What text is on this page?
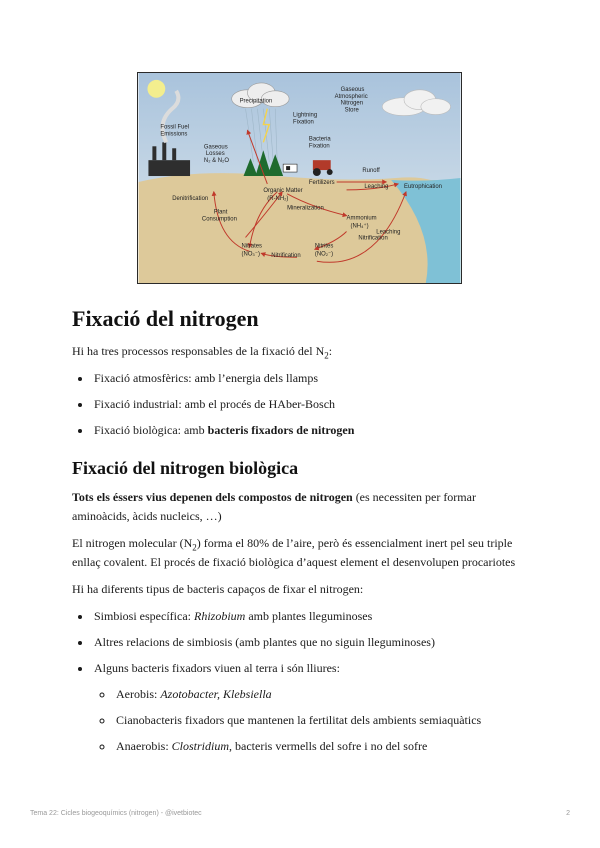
Fossil Fuel
Emissions
Precipitation
Gaseous
Atmospheric
Nitrogen
Store
Lightning
Fixation
Bacteria
Fixation
Gaseous
Losses
N₂ & N₂O
Runoff
Fertilizers
Leaching	Eutrophication
Denitrification
Organic Matter
(R-NH₂)
Mineralization
Plant
Consumption	Ammonium
(NH₄⁺)
Nitrification
Leaching
Nitrates
(NO₃⁻)
Nitrites
(NO₂⁻)
Nitrification
Fixació del nitrogen

Hi ha tres processos responsables de la fixació del $N_2$:

• Fixació atmosfèrics: amb l’energia dels llamps
• Fixació industrial: amb el procés de HAber-Bosch
• Fixació biològica: amb bacteris fixadors de nitrogen
Fixació del nitrogen biològica

Tots els éssers vius depenen dels compostos de nitrogen (es necessiten per formar aminoàcids, àcids nucleics, …)

El nitrogen molecular $(N_2)$ forma el 80% de l’aire, però és essencialment inert pel seu triple enllaç covalent. El procés de fixació biològica d’aquest element el desenvolupen procariotes

Hi ha diferents tipus de bacteris capaços de fixar el nitrogen:

• Simbiosi específica: Rhizobium amb plantes lleguminoses
• Altres relacions de simbiosis (amb plantes que no siguin lleguminoses)
• Alguns bacteris fixadors viuen al terra i són lliures:
◦ Aerobis: Azotobacter, Klebsiella
◦ Cianobacteris fixadors que mantenen la fertilitat dels ambients semiaquàtics
◦ Anaerobis: Clostridium, bacteris vermells del sofre i no del sofre
Tema 22: Cicles biogeoquímics (nitrogen) - @ivetbiotec	2
